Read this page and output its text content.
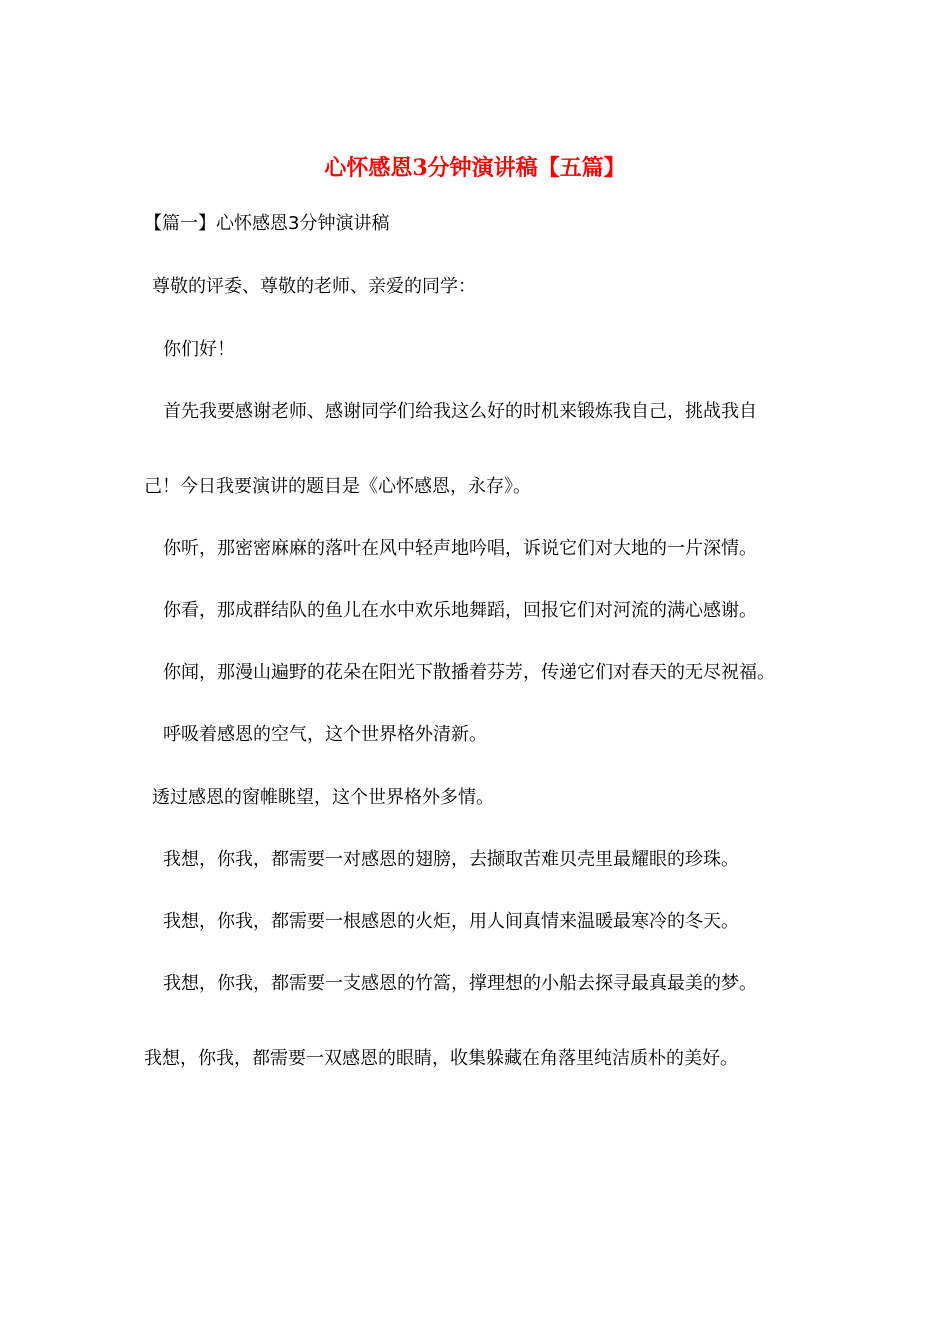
心怀感恩3分钟演讲稿【五篇】
【篇一】心怀感恩3分钟演讲稿
尊敬的评委、尊敬的老师、亲爱的同学：
你们好！
首先我要感谢老师、感谢同学们给我这么好的时机来锻炼我自己，挑战我自
己！今日我要演讲的题目是《心怀感恩，永存》。
你听，那密密麻麻的落叶在风中轻声地吟唱，诉说它们对大地的一片深情。
你看，那成群结队的鱼儿在水中欢乐地舞蹈，回报它们对河流的满心感谢。
你闻，那漫山遍野的花朵在阳光下散播着芬芳，传递它们对春天的无尽祝福。
呼吸着感恩的空气，这个世界格外清新。
透过感恩的窗帷眺望，这个世界格外多情。
我想，你我，都需要一对感恩的翅膀，去撷取苦难贝壳里最耀眼的珍珠。
我想，你我，都需要一根感恩的火炬，用人间真情来温暖最寒冷的冬天。
我想，你我，都需要一支感恩的竹篙，撑理想的小船去探寻最真最美的梦。
我想，你我，都需要一双感恩的眼睛，收集躲藏在角落里纯洁质朴的美好。
